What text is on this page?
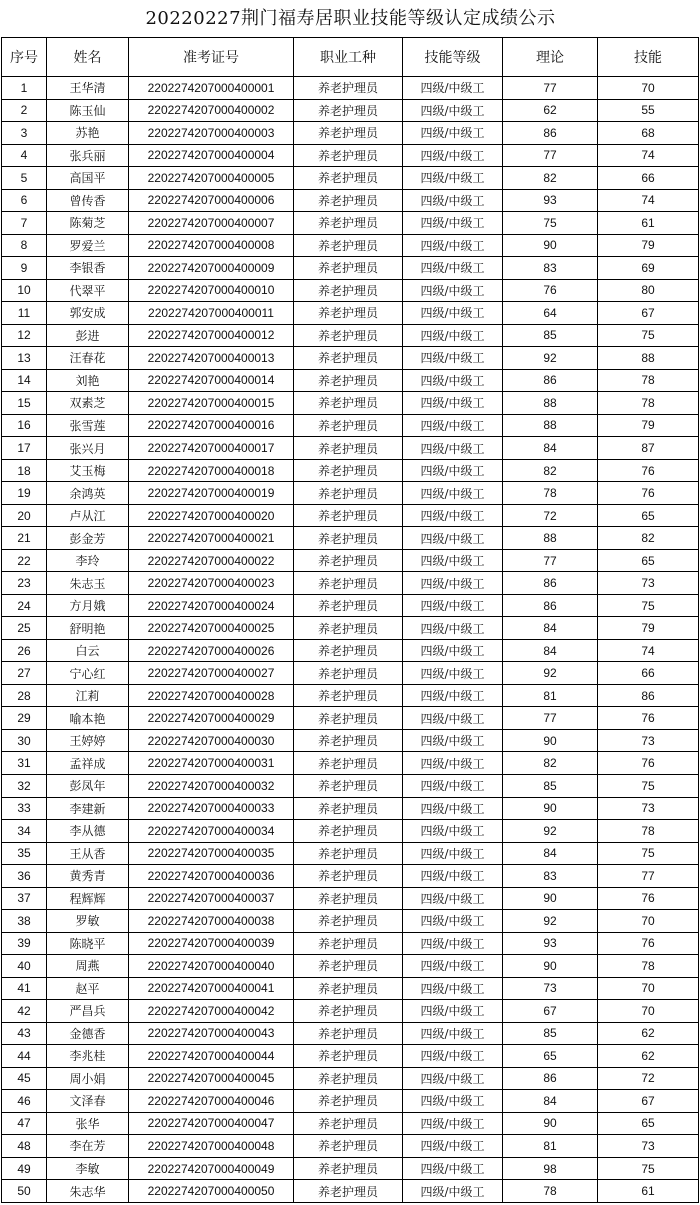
20220227荆门福寿居职业技能等级认定成绩公示
序号	姓名	准考证号	职业工种	技能等级	理论	技能
1	王华清	2202274207000400001	养老护理员	四级/中级工	77	70
2	陈玉仙	2202274207000400002	养老护理员	四级/中级工	62	55
3	苏艳	2202274207000400003	养老护理员	四级/中级工	86	68
4	张兵丽	2202274207000400004	养老护理员	四级/中级工	77	74
5	高国平	2202274207000400005	养老护理员	四级/中级工	82	66
6	曾传香	2202274207000400006	养老护理员	四级/中级工	93	74
7	陈菊芝	2202274207000400007	养老护理员	四级/中级工	75	61
8	罗爱兰	2202274207000400008	养老护理员	四级/中级工	90	79
9	李银香	2202274207000400009	养老护理员	四级/中级工	83	69
10	代翠平	2202274207000400010	养老护理员	四级/中级工	76	80
11	郭安成	2202274207000400011	养老护理员	四级/中级工	64	67
12	彭进	2202274207000400012	养老护理员	四级/中级工	85	75
13	汪春花	2202274207000400013	养老护理员	四级/中级工	92	88
14	刘艳	2202274207000400014	养老护理员	四级/中级工	86	78
15	双素芝	2202274207000400015	养老护理员	四级/中级工	88	78
16	张雪莲	2202274207000400016	养老护理员	四级/中级工	88	79
17	张兴月	2202274207000400017	养老护理员	四级/中级工	84	87
18	艾玉梅	2202274207000400018	养老护理员	四级/中级工	82	76
19	余鸿英	2202274207000400019	养老护理员	四级/中级工	78	76
20	卢从江	2202274207000400020	养老护理员	四级/中级工	72	65
21	彭金芳	2202274207000400021	养老护理员	四级/中级工	88	82
22	李玲	2202274207000400022	养老护理员	四级/中级工	77	65
23	朱志玉	2202274207000400023	养老护理员	四级/中级工	86	73
24	方月娥	2202274207000400024	养老护理员	四级/中级工	86	75
25	舒明艳	2202274207000400025	养老护理员	四级/中级工	84	79
26	白云	2202274207000400026	养老护理员	四级/中级工	84	74
27	宁心红	2202274207000400027	养老护理员	四级/中级工	92	66
28	江莉	2202274207000400028	养老护理员	四级/中级工	81	86
29	喻本艳	2202274207000400029	养老护理员	四级/中级工	77	76
30	王婷婷	2202274207000400030	养老护理员	四级/中级工	90	73
31	孟祥成	2202274207000400031	养老护理员	四级/中级工	82	76
32	彭凤年	2202274207000400032	养老护理员	四级/中级工	85	75
33	李建新	2202274207000400033	养老护理员	四级/中级工	90	73
34	李从德	2202274207000400034	养老护理员	四级/中级工	92	78
35	王从香	2202274207000400035	养老护理员	四级/中级工	84	75
36	黄秀青	2202274207000400036	养老护理员	四级/中级工	83	77
37	程辉辉	2202274207000400037	养老护理员	四级/中级工	90	76
38	罗敏	2202274207000400038	养老护理员	四级/中级工	92	70
39	陈晓平	2202274207000400039	养老护理员	四级/中级工	93	76
40	周燕	2202274207000400040	养老护理员	四级/中级工	90	78
41	赵平	2202274207000400041	养老护理员	四级/中级工	73	70
42	严昌兵	2202274207000400042	养老护理员	四级/中级工	67	70
43	金德香	2202274207000400043	养老护理员	四级/中级工	85	62
44	李兆桂	2202274207000400044	养老护理员	四级/中级工	65	62
45	周小娟	2202274207000400045	养老护理员	四级/中级工	86	72
46	文泽春	2202274207000400046	养老护理员	四级/中级工	84	67
47	张华	2202274207000400047	养老护理员	四级/中级工	90	65
48	李在芳	2202274207000400048	养老护理员	四级/中级工	81	73
49	李敏	2202274207000400049	养老护理员	四级/中级工	98	75
50	朱志华	2202274207000400050	养老护理员	四级/中级工	78	61
